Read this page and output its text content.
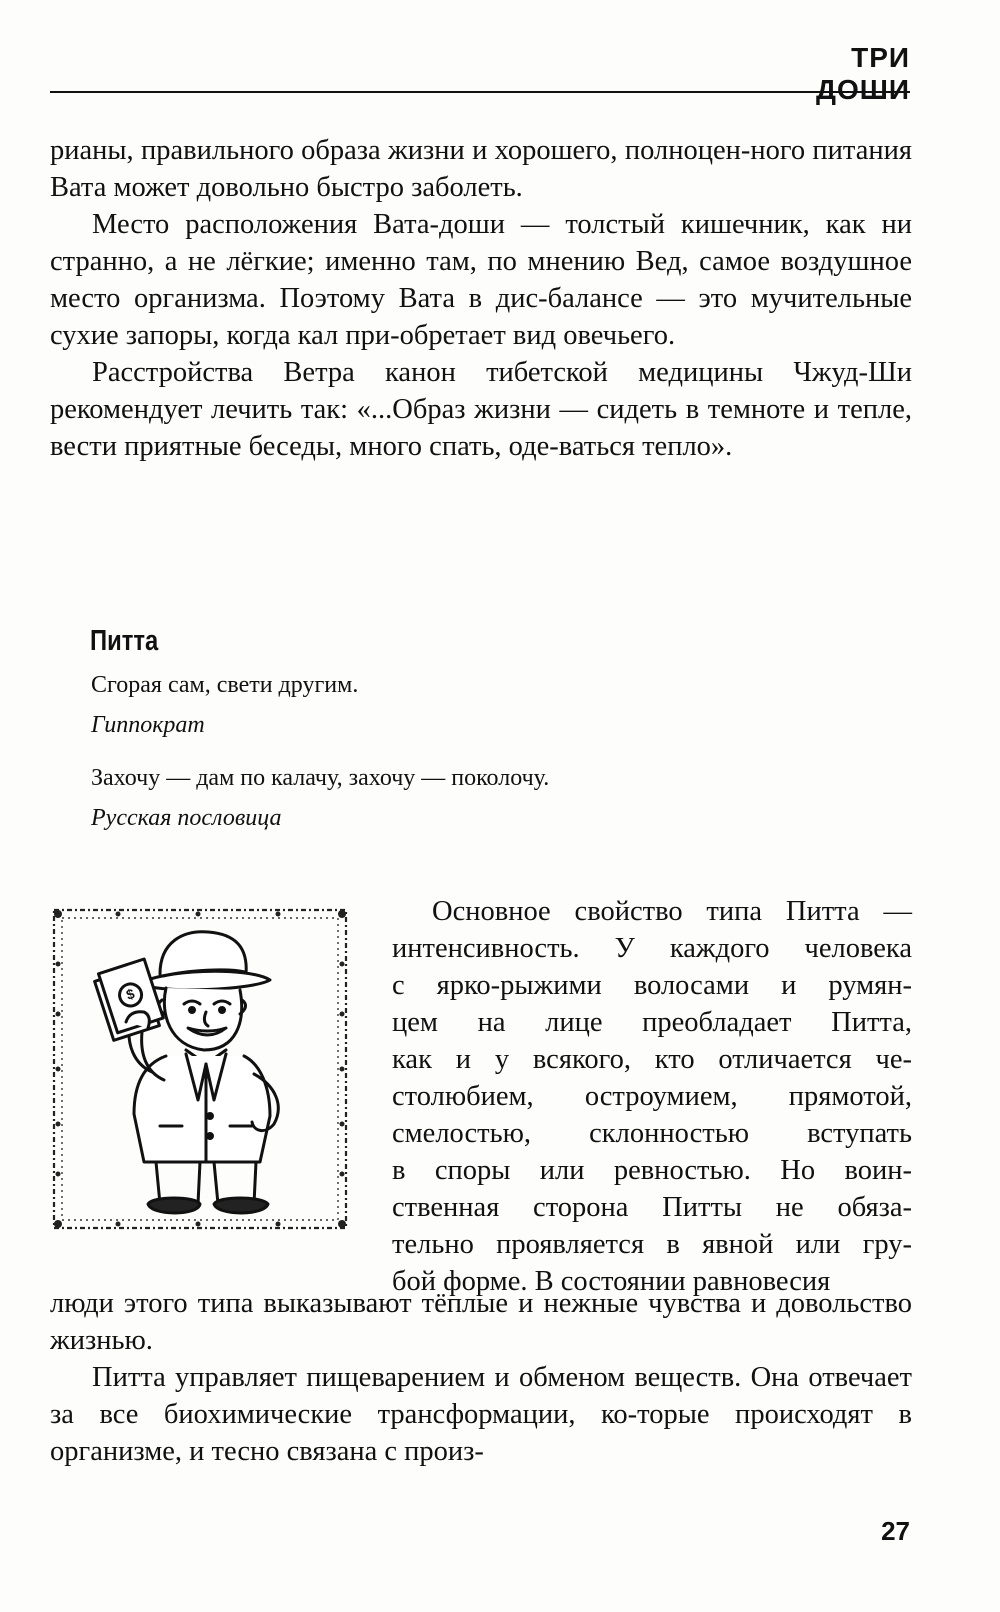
ТРИ ДОШИ

рианы, правильного образа жизни и хорошего, полноцен-ного питания Вата может довольно быстро заболеть.

Место расположения Вата-доши — толстый кишечник, как ни странно, а не лёгкие; именно там, по мнению Вед, самое воздушное место организма. Поэтому Вата в дис-балансе — это мучительные сухие запоры, когда кал при-обретает вид овечьего.

Расстройства Ветра канон тибетской медицины Чжуд-Ши рекомендует лечить так: «...Образ жизни — сидеть в темноте и тепле, вести приятные беседы, много спать, оде-ваться тепло».

Питта
Сгорая сам, свети другим.
Гиппократ
Захочу — дам по калачу, захочу — поколочу.
Русская пословица
$

Основное свойство типа Питта —

интенсивность. У каждого человека

с ярко-рыжими волосами и румян-

цем на лице преобладает Питта,

как и у всякого, кто отличается че-

столюбием, остроумием, прямотой,

смелостью, склонностью вступать

в споры или ревностью. Но воин-

ственная сторона Питты не обяза-

тельно проявляется в явной или гру-

бой форме. В состоянии равновесия

люди этого типа выказывают тёплые и нежные чувства и довольство жизнью.

Питта управляет пищеварением и обменом веществ. Она отвечает за все биохимические трансформации, ко-торые происходят в организме, и тесно связана с произ-

27
